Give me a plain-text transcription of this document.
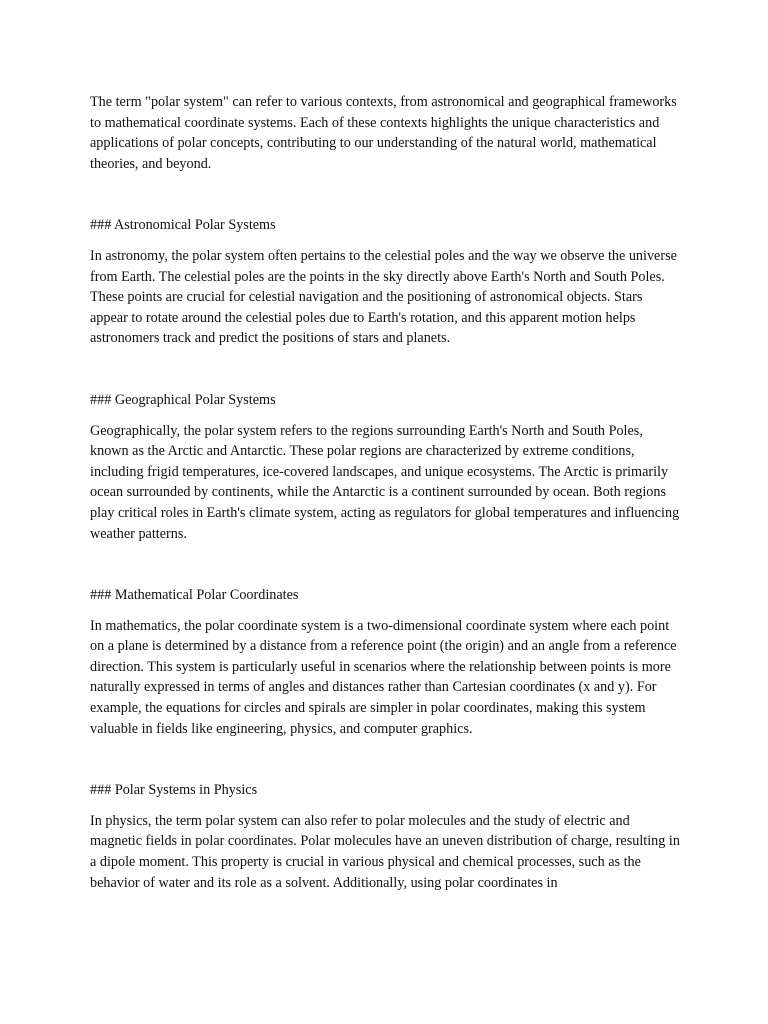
The term "polar system" can refer to various contexts, from astronomical and geographical frameworks to mathematical coordinate systems. Each of these contexts highlights the unique characteristics and applications of polar concepts, contributing to our understanding of the natural world, mathematical theories, and beyond.

### Astronomical Polar Systems

In astronomy, the polar system often pertains to the celestial poles and the way we observe the universe from Earth. The celestial poles are the points in the sky directly above Earth's North and South Poles. These points are crucial for celestial navigation and the positioning of astronomical objects. Stars appear to rotate around the celestial poles due to Earth's rotation, and this apparent motion helps astronomers track and predict the positions of stars and planets.

### Geographical Polar Systems

Geographically, the polar system refers to the regions surrounding Earth's North and South Poles, known as the Arctic and Antarctic. These polar regions are characterized by extreme conditions, including frigid temperatures, ice-covered landscapes, and unique ecosystems. The Arctic is primarily ocean surrounded by continents, while the Antarctic is a continent surrounded by ocean. Both regions play critical roles in Earth's climate system, acting as regulators for global temperatures and influencing weather patterns.

### Mathematical Polar Coordinates

In mathematics, the polar coordinate system is a two-dimensional coordinate system where each point on a plane is determined by a distance from a reference point (the origin) and an angle from a reference direction. This system is particularly useful in scenarios where the relationship between points is more naturally expressed in terms of angles and distances rather than Cartesian coordinates (x and y). For example, the equations for circles and spirals are simpler in polar coordinates, making this system valuable in fields like engineering, physics, and computer graphics.

### Polar Systems in Physics

In physics, the term polar system can also refer to polar molecules and the study of electric and magnetic fields in polar coordinates. Polar molecules have an uneven distribution of charge, resulting in a dipole moment. This property is crucial in various physical and chemical processes, such as the behavior of water and its role as a solvent. Additionally, using polar coordinates in
